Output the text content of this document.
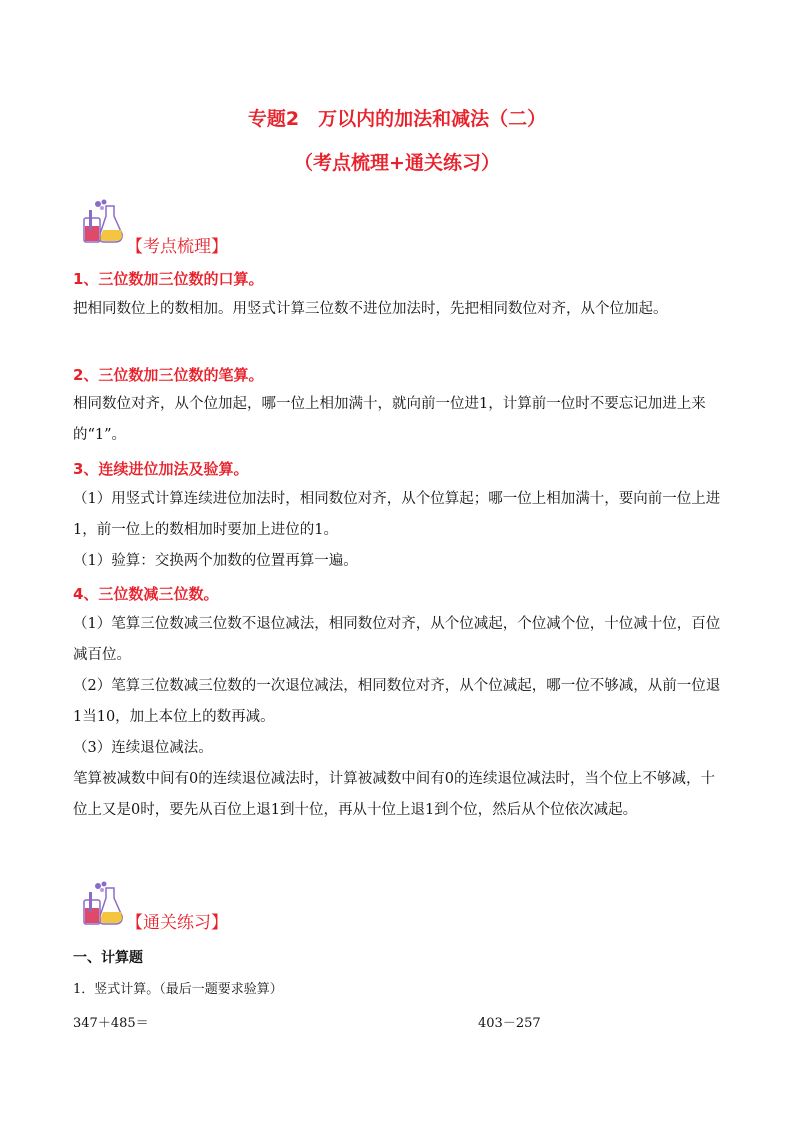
专题2　万以内的加法和减法（二）
（考点梳理+通关练习）
【考点梳理】
1、三位数加三位数的口算。
把相同数位上的数相加。用竖式计算三位数不进位加法时，先把相同数位对齐，从个位加起。
2、三位数加三位数的笔算。
相同数位对齐，从个位加起，哪一位上相加满十，就向前一位进1，计算前一位时不要忘记加进上来的“1”。
3、连续进位加法及验算。
（1）用竖式计算连续进位加法时，相同数位对齐，从个位算起；哪一位上相加满十，要向前一位上进1，前一位上的数相加时要加上进位的1。
（1）验算：交换两个加数的位置再算一遍。
4、三位数减三位数。
（1）笔算三位数减三位数不退位减法，相同数位对齐，从个位减起，个位减个位，十位减十位，百位减百位。
（2）笔算三位数减三位数的一次退位减法，相同数位对齐，从个位减起，哪一位不够减，从前一位退1当10，加上本位上的数再减。
（3）连续退位减法。
笔算被减数中间有0的连续退位减法时，计算被减数中间有0的连续退位减法时，当个位上不够减，十位上又是0时，要先从百位上退1到十位，再从十位上退1到个位，然后从个位依次减起。
【通关练习】
一、计算题
1．竖式计算。（最后一题要求验算）
347＋485＝	403－257
